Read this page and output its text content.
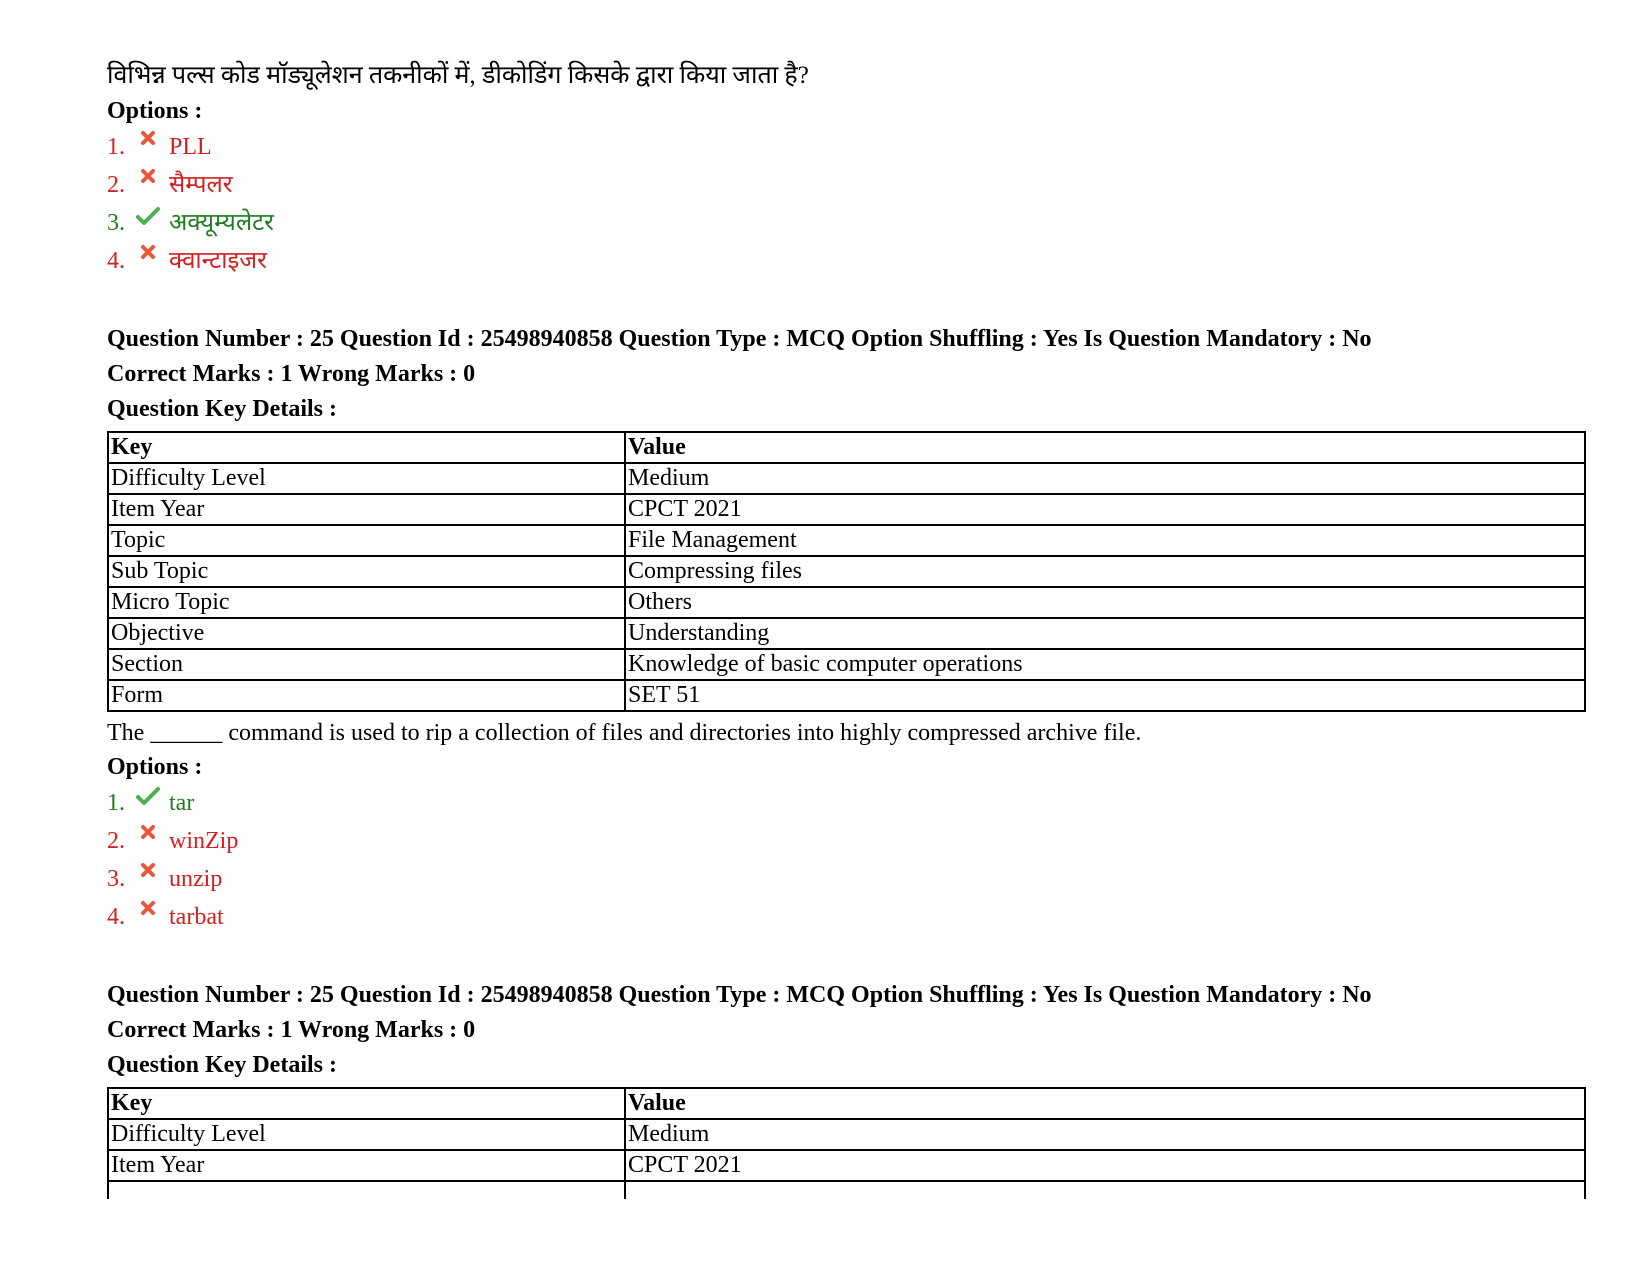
विभिन्न पल्स कोड मॉड्यूलेशन तकनीकों में, डीकोडिंग किसके द्वारा किया जाता है?

Options :
1.	PLL
2.	सैम्पलर
3.	अक्यूम्यलेटर
4.	क्वान्टाइजर
Question Number : 25 Question Id : 25498940858 Question Type : MCQ Option Shuffling : Yes Is Question Mandatory : No
Correct Marks : 1 Wrong Marks : 0
Question Key Details :
Key	Value
Difficulty Level	Medium
Item Year	CPCT 2021
Topic	File Management
Sub Topic	Compressing files
Micro Topic	Others
Objective	Understanding
Section	Knowledge of basic computer operations
Form	SET 51

The ______ command is used to rip a collection of files and directories into highly compressed archive file.

Options :
1.	tar
2.	winZip
3.	unzip
4.	tarbat
Question Number : 25 Question Id : 25498940858 Question Type : MCQ Option Shuffling : Yes Is Question Mandatory : No
Correct Marks : 1 Wrong Marks : 0
Question Key Details :
Key	Value
Difficulty Level	Medium
Item Year	CPCT 2021
